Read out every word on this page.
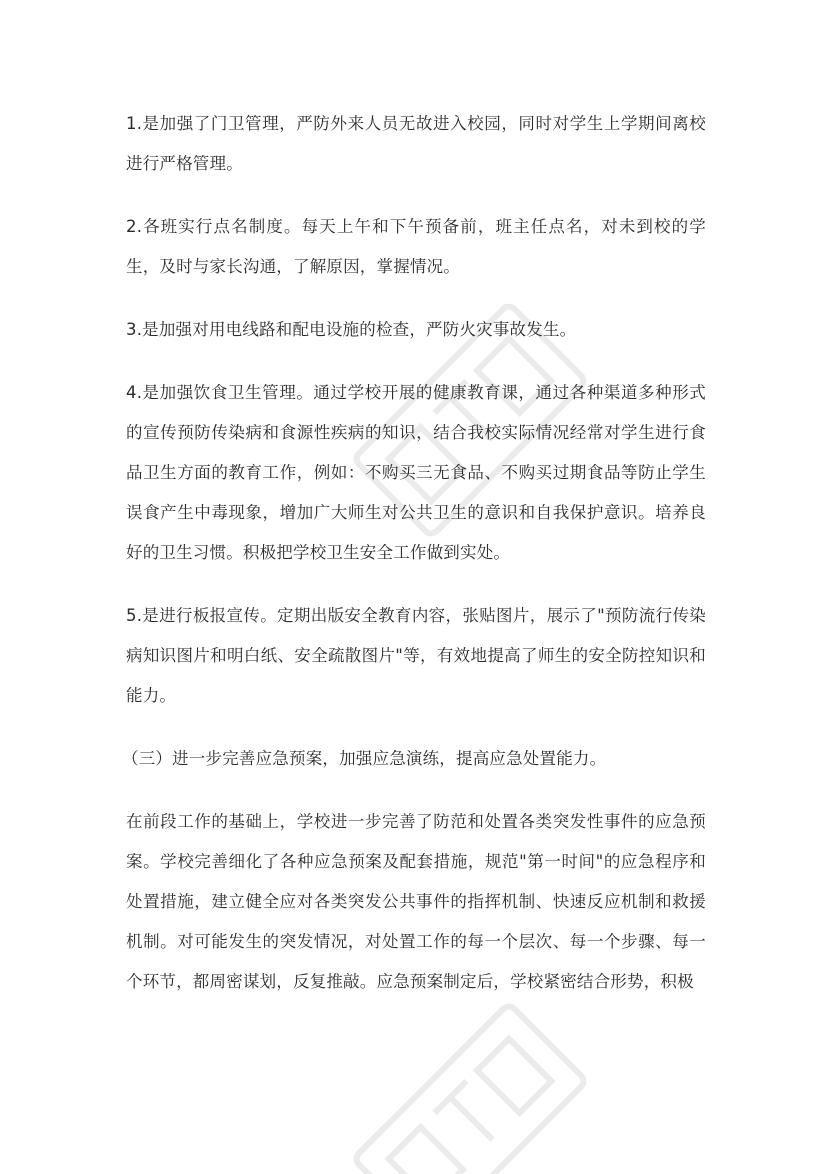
1.是加强了门卫管理，严防外来人员无故进入校园，同时对学生上学期间离校进行严格管理。

2.各班实行点名制度。每天上午和下午预备前，班主任点名，对未到校的学生，及时与家长沟通，了解原因，掌握情况。

3.是加强对用电线路和配电设施的检查，严防火灾事故发生。

4.是加强饮食卫生管理。通过学校开展的健康教育课，通过各种渠道多种形式的宣传预防传染病和食源性疾病的知识，结合我校实际情况经常对学生进行食品卫生方面的教育工作，例如：不购买三无食品、不购买过期食品等防止学生误食产生中毒现象，增加广大师生对公共卫生的意识和自我保护意识。培养良好的卫生习惯。积极把学校卫生安全工作做到实处。

5.是进行板报宣传。定期出版安全教育内容，张贴图片，展示了"预防流行传染病知识图片和明白纸、安全疏散图片"等，有效地提高了师生的安全防控知识和能力。

（三）进一步完善应急预案，加强应急演练，提高应急处置能力。

在前段工作的基础上，学校进一步完善了防范和处置各类突发性事件的应急预案。学校完善细化了各种应急预案及配套措施，规范"第一时间"的应急程序和处置措施，建立健全应对各类突发公共事件的指挥机制、快速反应机制和救援机制。对可能发生的突发情况，对处置工作的每一个层次、每一个步骤、每一个环节，都周密谋划，反复推敲。应急预案制定后，学校紧密结合形势，积极
